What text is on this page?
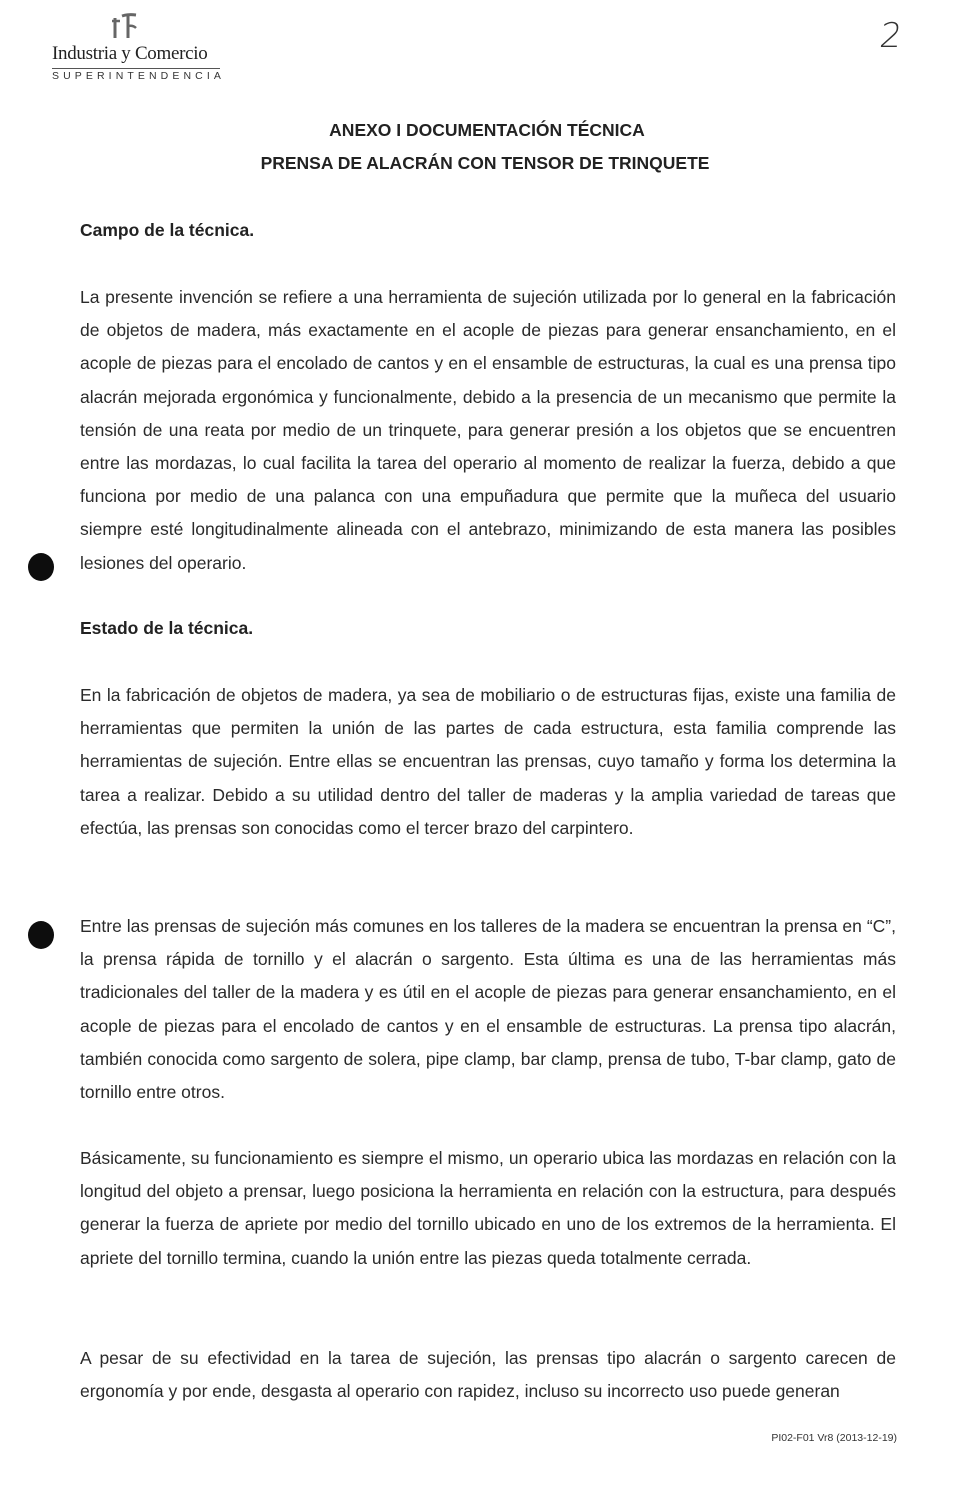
Industria y Comercio
SUPERINTENDENCIA
2
ANEXO I DOCUMENTACIÓN TÉCNICA
PRENSA DE ALACRÁN CON TENSOR DE TRINQUETE
Campo de la técnica.
La presente invención se refiere a una herramienta de sujeción utilizada por lo general en la fabricación de objetos de madera, más exactamente en el acople de piezas para generar ensanchamiento, en el acople de piezas para el encolado de cantos y en el ensamble de estructuras, la cual es una prensa tipo alacrán mejorada ergonómica y funcionalmente, debido a la presencia de un mecanismo que permite la tensión de una reata por medio de un trinquete, para generar presión a los objetos que se encuentren entre las mordazas, lo cual facilita la tarea del operario al momento de realizar la fuerza, debido a que funciona por medio de una palanca con una empuñadura que permite que la muñeca del usuario siempre esté longitudinalmente alineada con el antebrazo, minimizando de esta manera las posibles lesiones del operario.
Estado de la técnica.
En la fabricación de objetos de madera, ya sea de mobiliario o de estructuras fijas, existe una familia de herramientas que permiten la unión de las partes de cada estructura, esta familia comprende las herramientas de sujeción. Entre ellas se encuentran las prensas, cuyo tamaño y forma los determina la tarea a realizar. Debido a su utilidad dentro del taller de maderas y la amplia variedad de tareas que efectúa, las prensas son conocidas como el tercer brazo del carpintero.
Entre las prensas de sujeción más comunes en los talleres de la madera se encuentran la prensa en “C”, la prensa rápida de tornillo y el alacrán o sargento. Esta última es una de las herramientas más tradicionales del taller de la madera y es útil en el acople de piezas para generar ensanchamiento, en el acople de piezas para el encolado de cantos y en el ensamble de estructuras. La prensa tipo alacrán, también conocida como sargento de solera, pipe clamp, bar clamp, prensa de tubo, T-bar clamp, gato de tornillo entre otros.
Básicamente, su funcionamiento es siempre el mismo, un operario ubica las mordazas en relación con la longitud del objeto a prensar, luego posiciona la herramienta en relación con la estructura, para después generar la fuerza de apriete por medio del tornillo ubicado en uno de los extremos de la herramienta. El apriete del tornillo termina, cuando la unión entre las piezas queda totalmente cerrada.
A pesar de su efectividad en la tarea de sujeción, las prensas tipo alacrán o sargento carecen de ergonomía y por ende, desgasta al operario con rapidez, incluso su incorrecto uso puede generan
PI02-F01 Vr8 (2013-12-19)
